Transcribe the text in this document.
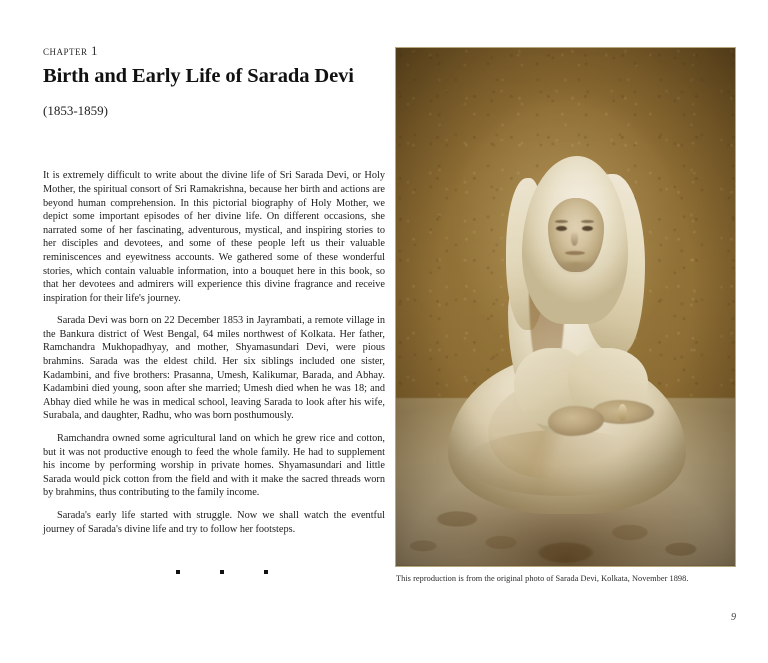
chapter 1
Birth and Early Life of Sarada Devi
(1853-1859)

It is extremely difficult to write about the divine life of Sri Sarada Devi, or Holy Mother, the spiritual consort of Sri Ramakrishna, because her birth and actions are beyond human comprehension. In this pictorial biography of Holy Mother, we depict some important episodes of her divine life. On different occasions, she narrated some of her fascinating, adventurous, mystical, and inspiring stories to her disciples and devotees, and some of these people left us their valuable reminiscences and eyewitness accounts. We gathered some of these wonderful stories, which contain valuable information, into a bouquet here in this book, so that her devotees and admirers will experience this divine fragrance and receive inspiration for their life's journey.

Sarada Devi was born on 22 December 1853 in Jayrambati, a remote village in the Bankura district of West Bengal, 64 miles northwest of Kolkata. Her father, Ramchandra Mukhopadhyay, and mother, Shyamasundari Devi, were pious brahmins. Sarada was the eldest child. Her six siblings included one sister, Kadambini, and five brothers: Prasanna, Umesh, Kalikumar, Barada, and Abhay. Kadambini died young, soon after she married; Umesh died when he was 18; and Abhay died while he was in medical school, leaving Sarada to look after his wife, Surabala, and daughter, Radhu, who was born posthumously.

Ramchandra owned some agricultural land on which he grew rice and cotton, but it was not productive enough to feed the whole family. He had to supplement his income by performing worship in private homes. Shyamasundari and little Sarada would pick cotton from the field and with it make the sacred threads worn by brahmins, thus contributing to the family income.

Sarada's early life started with struggle. Now we shall watch the eventful journey of Sarada's divine life and try to follow her footsteps.

This reproduction is from the original photo of Sarada Devi, Kolkata, November 1898.
9
